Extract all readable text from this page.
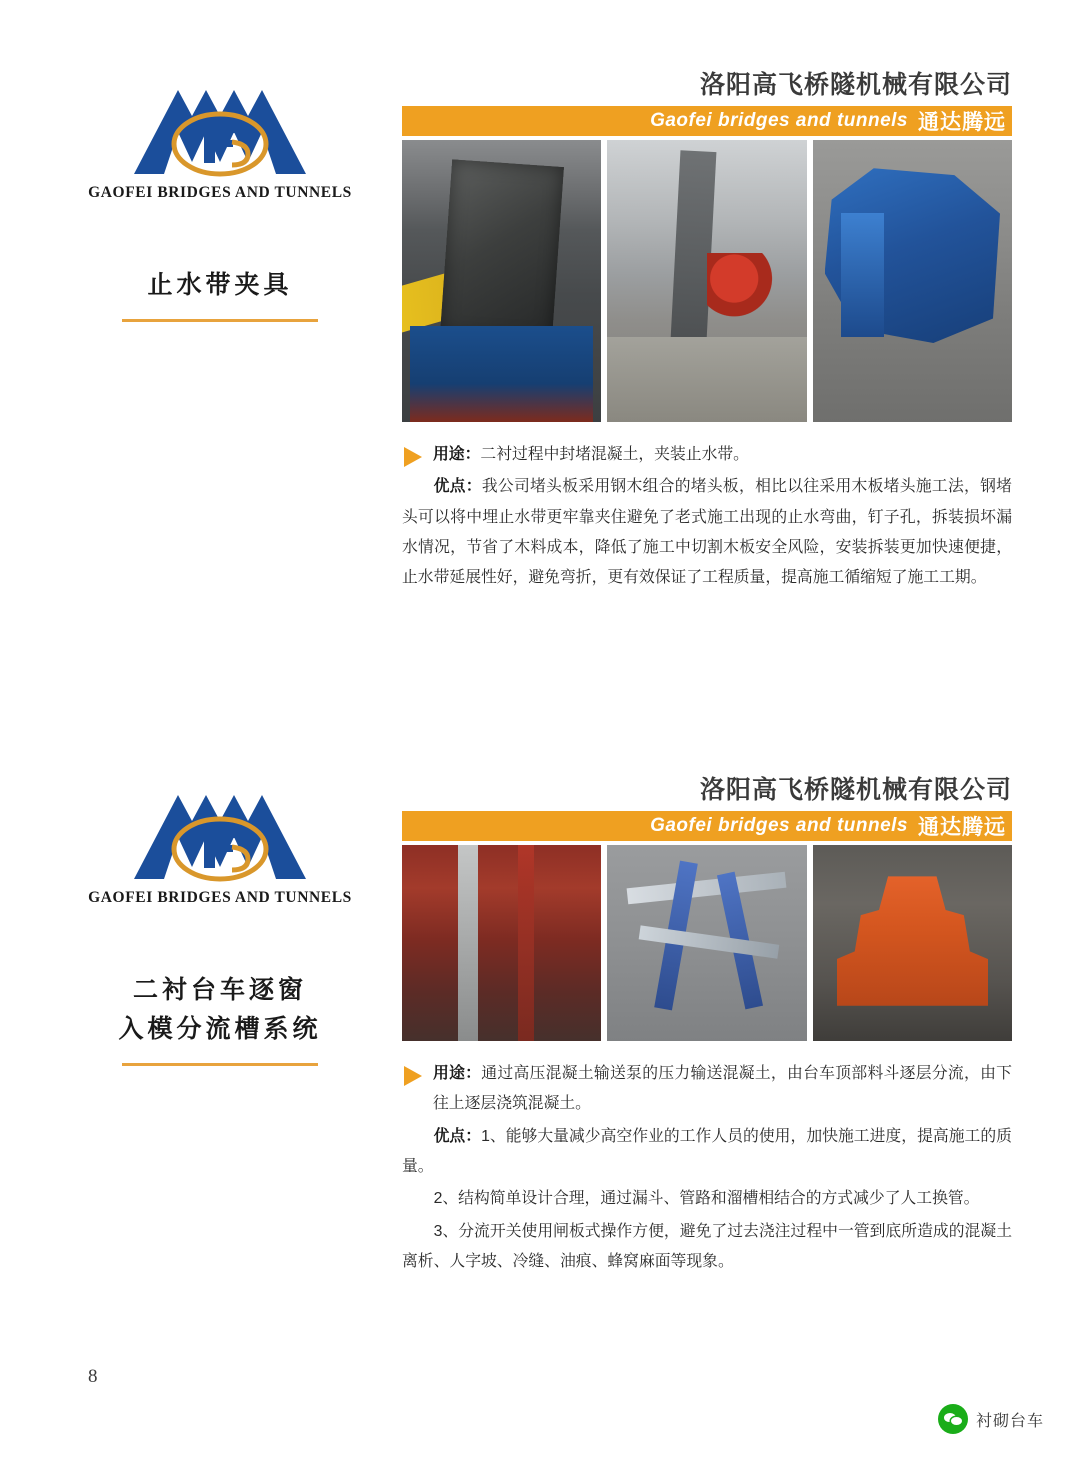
GAOFEI BRIDGES AND TUNNELS
止水带夹具
洛阳高飞桥隧机械有限公司
Gaofei bridges and tunnels 通达腾远

用途：二衬过程中封堵混凝土，夹装止水带。

优点：我公司堵头板采用钢木组合的堵头板，相比以往采用木板堵头施工法，钢堵头可以将中埋止水带更牢靠夹住避免了老式施工出现的止水弯曲，钉子孔，拆装损坏漏水情况，节省了木料成本，降低了施工中切割木板安全风险，安装拆装更加快速便捷，止水带延展性好，避免弯折，更有效保证了工程质量，提高施工循缩短了施工工期。

GAOFEI BRIDGES AND TUNNELS
二衬台车逐窗
入模分流槽系统
洛阳高飞桥隧机械有限公司
Gaofei bridges and tunnels 通达腾远

用途：通过高压混凝土输送泵的压力输送混凝土，由台车顶部料斗逐层分流，由下往上逐层浇筑混凝土。

优点：1、能够大量减少高空作业的工作人员的使用，加快施工进度，提高施工的质量。

2、结构简单设计合理，通过漏斗、管路和溜槽相结合的方式减少了人工换管。

3、分流开关使用闸板式操作方便，避免了过去浇注过程中一管到底所造成的混凝土离析、人字坡、冷缝、油痕、蜂窝麻面等现象。

8
衬砌台车
